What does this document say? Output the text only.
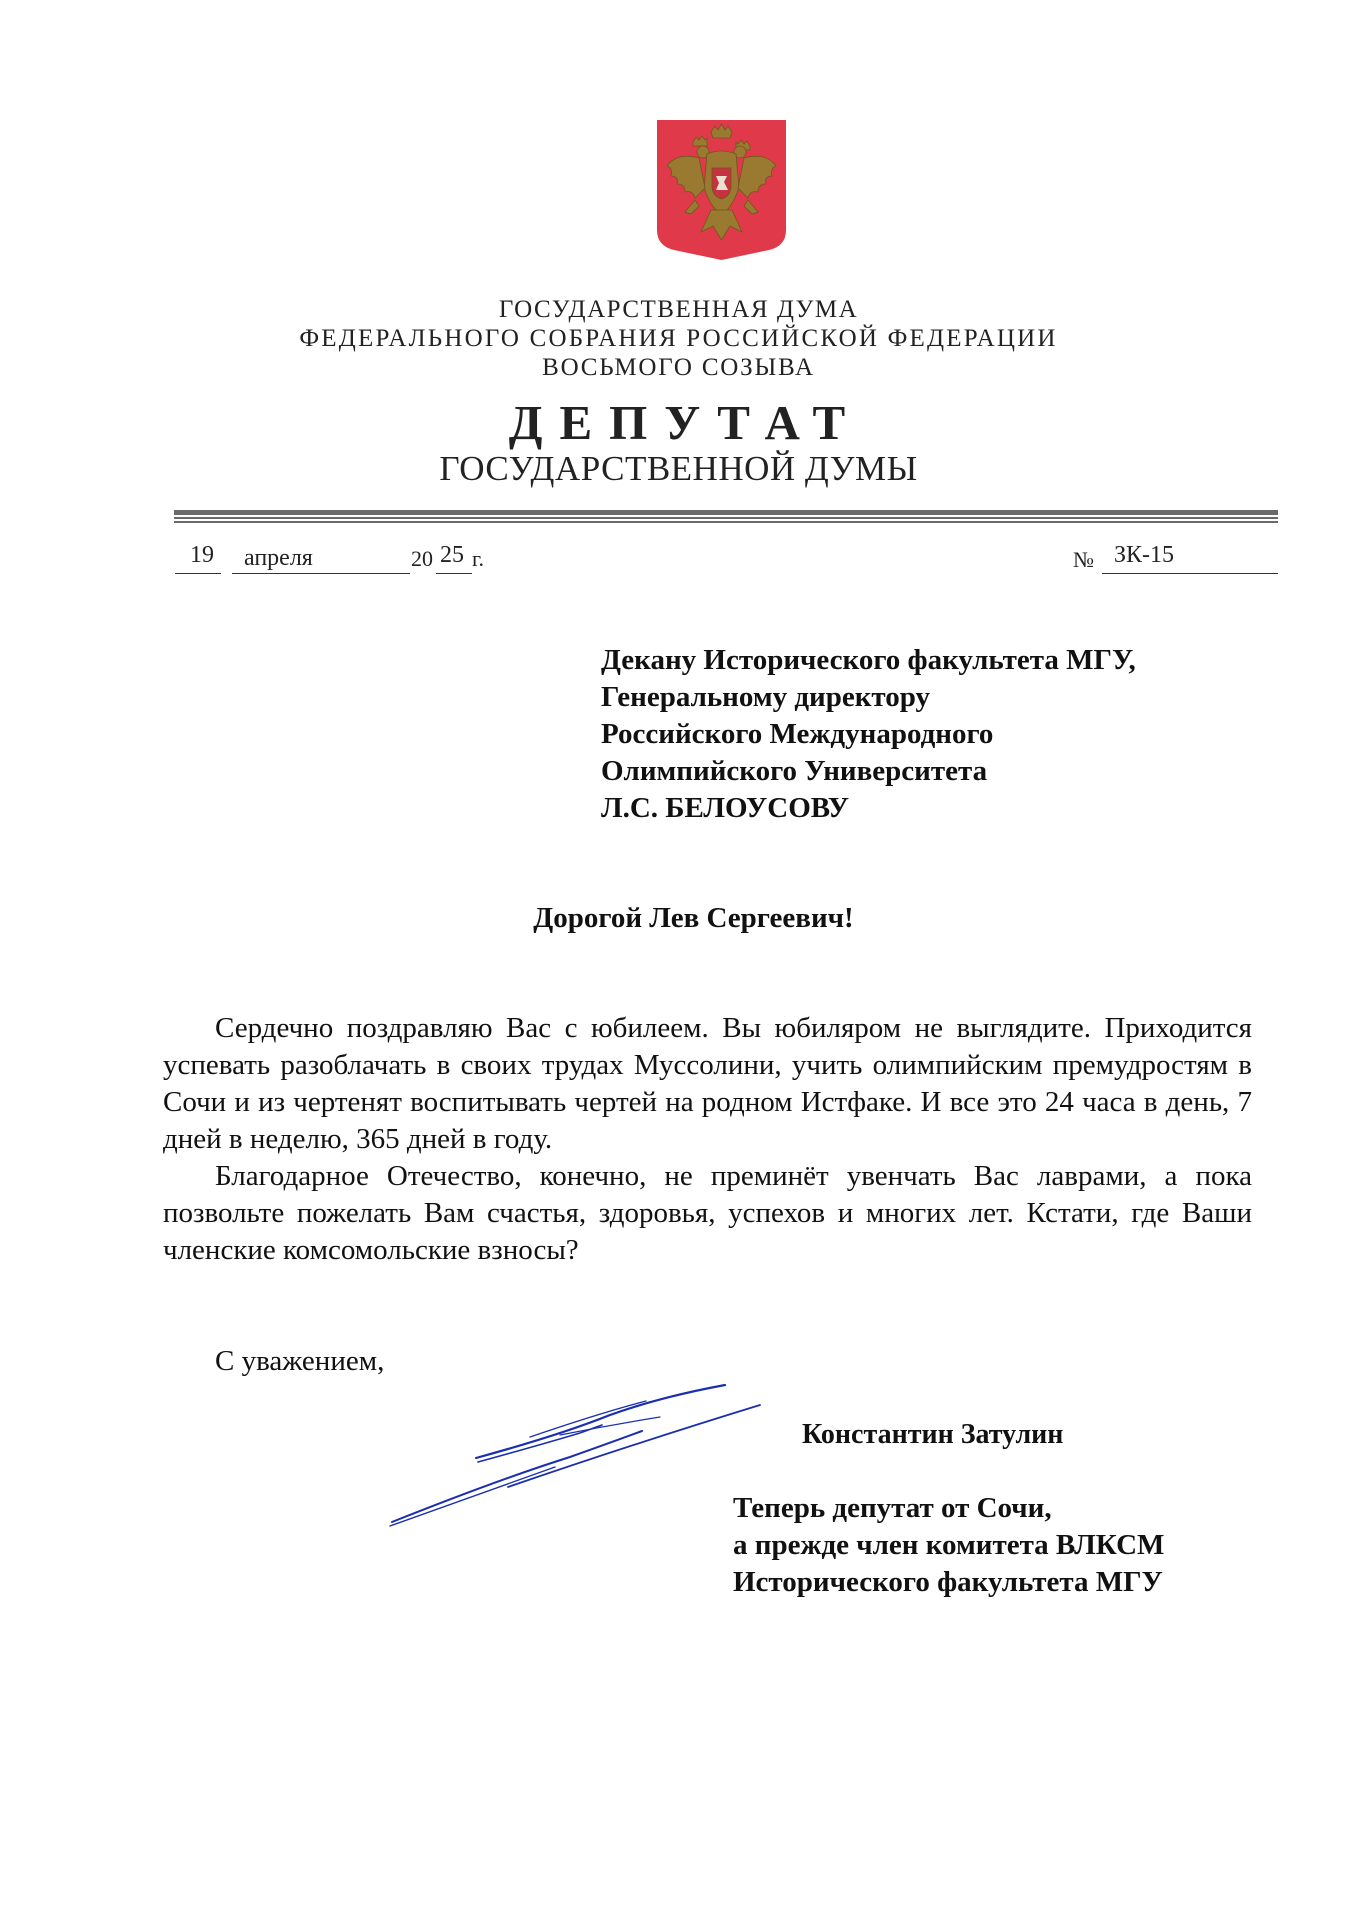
ГОСУДАРСТВЕННАЯ ДУМА
ФЕДЕРАЛЬНОГО СОБРАНИЯ РОССИЙСКОЙ ФЕДЕРАЦИИ
ВОСЬМОГО СОЗЫВА
ДЕПУТАТ
ГОСУДАРСТВЕННОЙ ДУМЫ
19 апреля	20 25 г.	№ ЗК-15
Декану Исторического факультета МГУ,
Генеральному директору
Российского Международного
Олимпийского Университета
Л.С. БЕЛОУСОВУ
Дорогой Лев Сергеевич!

Сердечно поздравляю Вас с юбилеем. Вы юбиляром не выглядите. Приходится успевать разоблачать в своих трудах Муссолини, учить олимпийским премудростям в Сочи и из чертенят воспитывать чертей на родном Истфаке. И все это 24 часа в день, 7 дней в неделю, 365 дней в году.

Благодарное Отечество, конечно, не преминёт увенчать Вас лаврами, а пока позвольте пожелать Вам счастья, здоровья, успехов и многих лет. Кстати, где Ваши членские комсомольские взносы?

С уважением,
Константин Затулин
Теперь депутат от Сочи,
а прежде член комитета ВЛКСМ
Исторического факультета МГУ
